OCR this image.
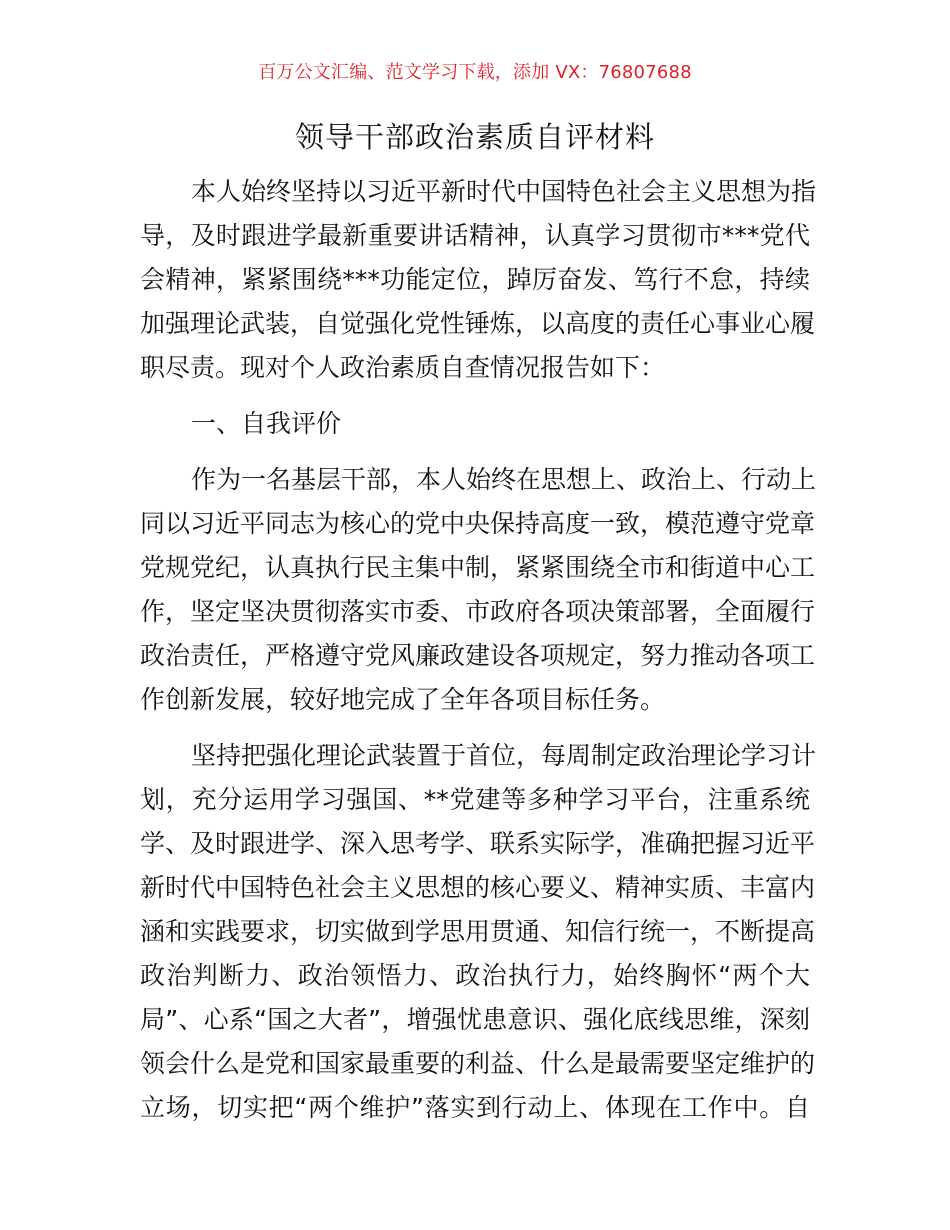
百万公文汇编、范文学习下载，添加 VX：76807688
领导干部政治素质自评材料
本人始终坚持以习近平新时代中国特色社会主义思想为指
导，及时跟进学最新重要讲话精神，认真学习贯彻市***党代
会精神，紧紧围绕***功能定位，踔厉奋发、笃行不怠，持续
加强理论武装，自觉强化党性锤炼，以高度的责任心事业心履
职尽责。现对个人政治素质自查情况报告如下：
一、自我评价
作为一名基层干部，本人始终在思想上、政治上、行动上
同以习近平同志为核心的党中央保持高度一致，模范遵守党章
党规党纪，认真执行民主集中制，紧紧围绕全市和街道中心工
作，坚定坚决贯彻落实市委、市政府各项决策部署，全面履行
政治责任，严格遵守党风廉政建设各项规定，努力推动各项工
作创新发展，较好地完成了全年各项目标任务。
坚持把强化理论武装置于首位，每周制定政治理论学习计
划，充分运用学习强国、**党建等多种学习平台，注重系统
学、及时跟进学、深入思考学、联系实际学，准确把握习近平
新时代中国特色社会主义思想的核心要义、精神实质、丰富内
涵和实践要求，切实做到学思用贯通、知信行统一，不断提高
政治判断力、政治领悟力、政治执行力，始终胸怀“两个大
局”、心系“国之大者”，增强忧患意识、强化底线思维，深刻
领会什么是党和国家最重要的利益、什么是最需要坚定维护的
立场，切实把“两个维护”落实到行动上、体现在工作中。自
